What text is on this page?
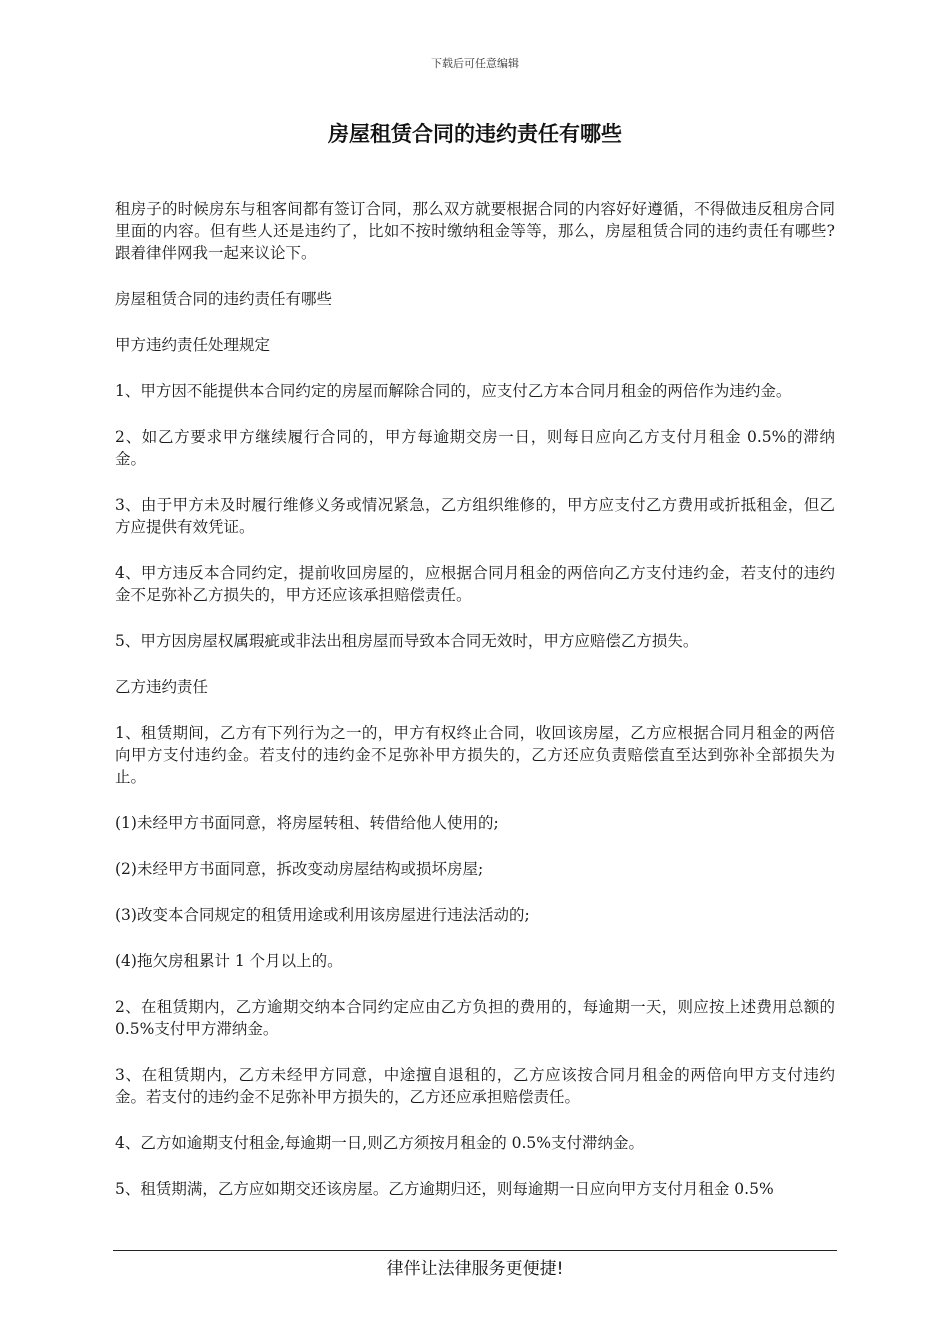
下载后可任意编辑
房屋租赁合同的违约责任有哪些

租房子的时候房东与租客间都有签订合同，那么双方就要根据合同的内容好好遵循，不得做违反租房合同里面的内容。但有些人还是违约了，比如不按时缴纳租金等等，那么，房屋租赁合同的违约责任有哪些?跟着律伴网我一起来议论下。

房屋租赁合同的违约责任有哪些

甲方违约责任处理规定

1、甲方因不能提供本合同约定的房屋而解除合同的，应支付乙方本合同月租金的两倍作为违约金。

2、如乙方要求甲方继续履行合同的，甲方每逾期交房一日，则每日应向乙方支付月租金 0.5%的滞纳金。

3、由于甲方未及时履行维修义务或情况紧急，乙方组织维修的，甲方应支付乙方费用或折抵租金，但乙方应提供有效凭证。

4、甲方违反本合同约定，提前收回房屋的，应根据合同月租金的两倍向乙方支付违约金，若支付的违约金不足弥补乙方损失的，甲方还应该承担赔偿责任。

5、甲方因房屋权属瑕疵或非法出租房屋而导致本合同无效时，甲方应赔偿乙方损失。

乙方违约责任

1、租赁期间，乙方有下列行为之一的，甲方有权终止合同，收回该房屋，乙方应根据合同月租金的两倍向甲方支付违约金。若支付的违约金不足弥补甲方损失的，乙方还应负责赔偿直至达到弥补全部损失为止。

(1)未经甲方书面同意，将房屋转租、转借给他人使用的;

(2)未经甲方书面同意，拆改变动房屋结构或损坏房屋;

(3)改变本合同规定的租赁用途或利用该房屋进行违法活动的;

(4)拖欠房租累计 1 个月以上的。

2、在租赁期内，乙方逾期交纳本合同约定应由乙方负担的费用的，每逾期一天，则应按上述费用总额的 0.5%支付甲方滞纳金。

3、在租赁期内，乙方未经甲方同意，中途擅自退租的，乙方应该按合同月租金的两倍向甲方支付违约金。若支付的违约金不足弥补甲方损失的，乙方还应承担赔偿责任。

4、乙方如逾期支付租金,每逾期一日,则乙方须按月租金的 0.5%支付滞纳金。

5、租赁期满，乙方应如期交还该房屋。乙方逾期归还，则每逾期一日应向甲方支付月租金 0.5%

律伴让法律服务更便捷!
